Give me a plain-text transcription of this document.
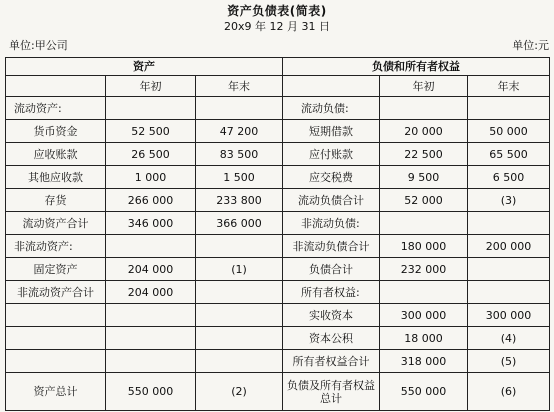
资产负债表(简表)
20x9 年 12 月 31 日
单位:甲公司	单位:元
资产			负债和所有者权益		
	年初	年末		年初	年末
流动资产:			流动负债:		
货币资金	52 500	47 200	短期借款	20 000	50 000
应收账款	26 500	83 500	应付账款	22 500	65 500
其他应收款	1 000	1 500	应交税费	9 500	6 500
存货	266 000	233 800	流动负债合计	52 000	(3)
流动资产合计	346 000	366 000	非流动负债:		
非流动资产:			非流动负债合计	180 000	200 000
固定资产	204 000	(1)	负债合计	232 000	
非流动资产合计	204 000		所有者权益:		
			实收资本	300 000	300 000
			资本公积	18 000	(4)
			所有者权益合计	318 000	(5)
资产总计	550 000	(2)	负债及所有者权益总计	550 000	(6)
